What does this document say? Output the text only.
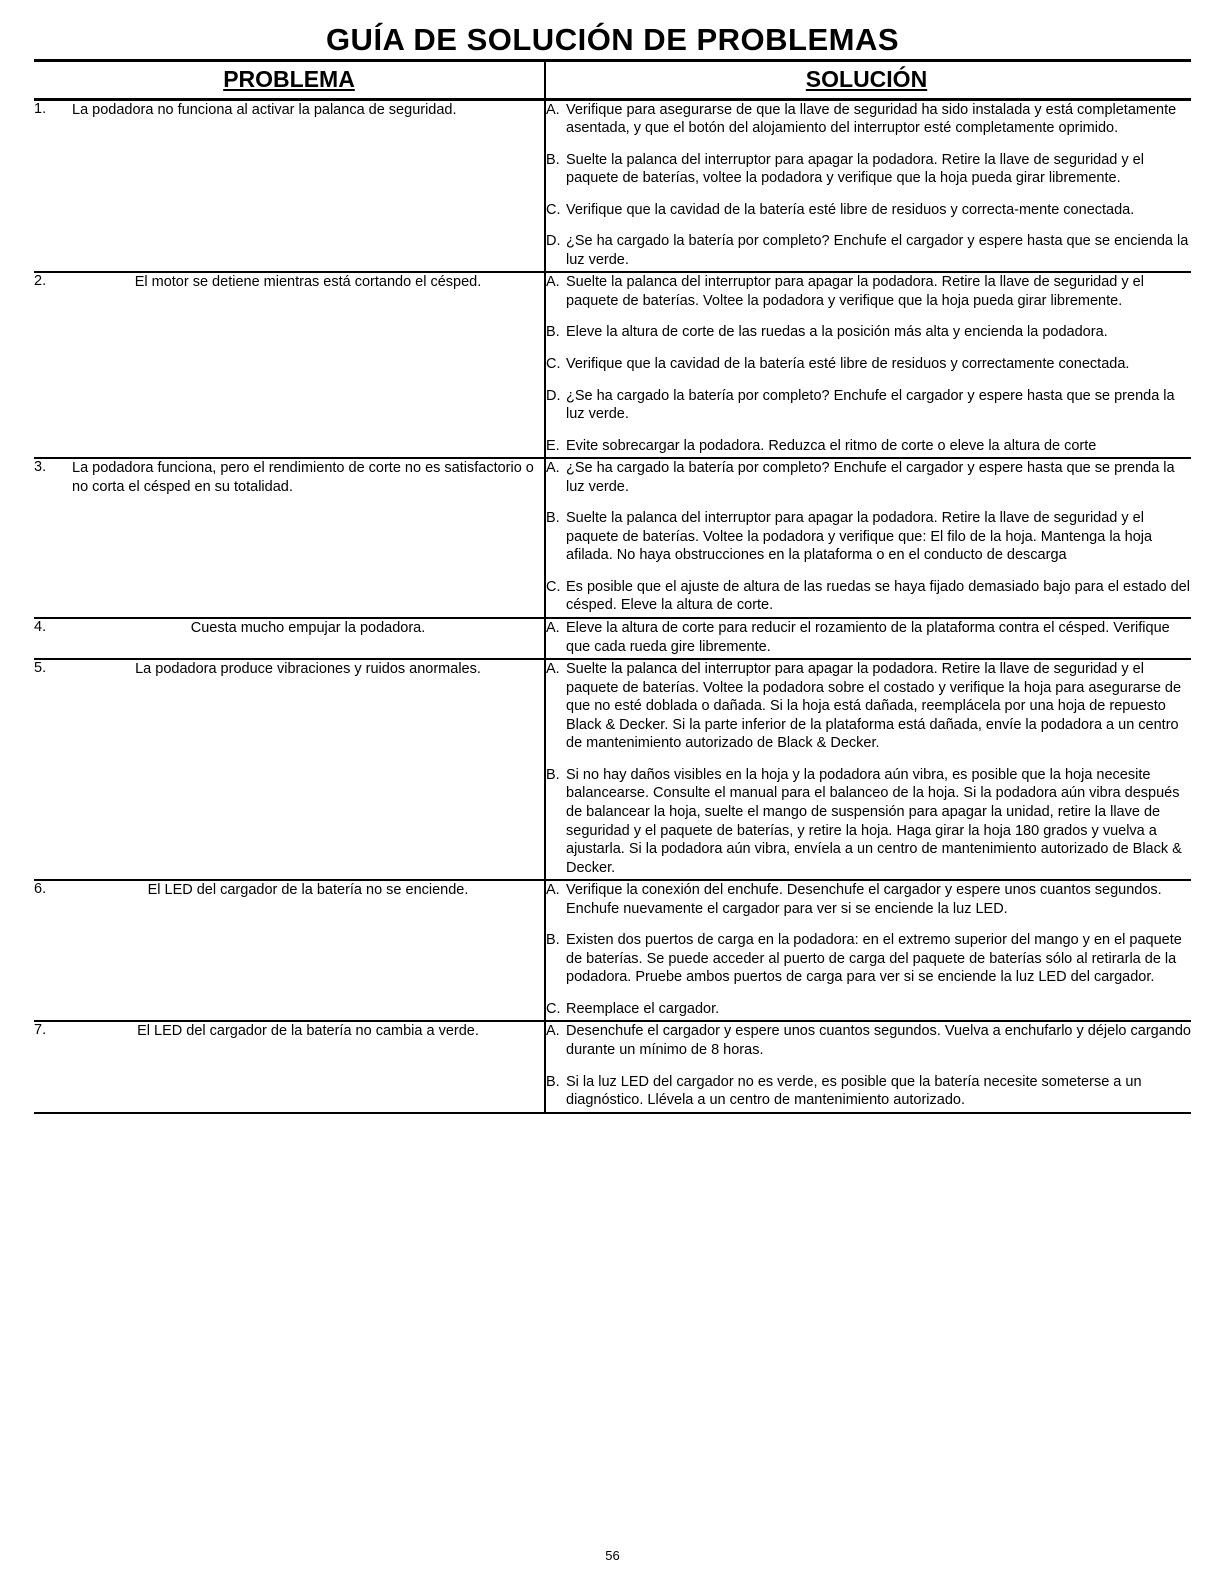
GUÍA DE SOLUCIÓN DE PROBLEMAS
PROBLEMA	SOLUCIÓN
1.	La podadora no funciona al activar la palanca de seguridad.	A. Verifique para asegurarse de que la llave de seguridad ha sido instalada y está completamente asentada, y que el botón del alojamiento del interruptor esté completamente oprimido.
B. Suelte la palanca del interruptor para apagar la podadora. Retire la llave de seguridad y el paquete de baterías, voltee la podadora y verifique que la hoja pueda girar libremente.
C. Verifique que la cavidad de la batería esté libre de residuos y correcta-mente conectada.
D. ¿Se ha cargado la batería por completo? Enchufe el cargador y espere hasta que se encienda la luz verde.

2.	El motor se detiene mientras está cortando el césped.	A. Suelte la palanca del interruptor para apagar la podadora. Retire la llave de seguridad y el paquete de baterías. Voltee la podadora y verifique que la hoja pueda girar libremente.
B. Eleve la altura de corte de las ruedas a la posición más alta y encienda la podadora.
C. Verifique que la cavidad de la batería esté libre de residuos y correctamente conectada.
D. ¿Se ha cargado la batería por completo? Enchufe el cargador y espere hasta que se prenda la luz verde.
E. Evite sobrecargar la podadora. Reduzca el ritmo de corte o eleve la altura de corte

3.	La podadora funciona, pero el rendimiento de corte no es satisfactorio o no corta el césped en su totalidad.	
A. ¿Se ha cargado la batería por completo? Enchufe el cargador y espere hasta que se prenda la luz verde.
B. Suelte la palanca del interruptor para apagar la podadora. Retire la llave de seguridad y el paquete de baterías. Voltee la podadora y verifique que: El filo de la hoja. Mantenga la hoja afilada. No haya obstrucciones en la plataforma o en el conducto de descarga
C. Es posible que el ajuste de altura de las ruedas se haya fijado demasiado bajo para el estado del césped. Eleve la altura de corte.

4.	Cuesta mucho empujar la podadora.	A. Eleve la altura de corte para reducir el rozamiento de la plataforma contra el césped. Verifique que cada rueda gire libremente.

5.	La podadora produce vibraciones y ruidos anormales.	A. Suelte la palanca del interruptor para apagar la podadora. Retire la llave de seguridad y el paquete de baterías. Voltee la podadora sobre el costado y verifique la hoja para asegurarse de que no esté doblada o dañada. Si la hoja está dañada, reemplácela por una hoja de repuesto Black & Decker. Si la parte inferior de la plataforma está dañada, envíe la podadora a un centro de mantenimiento autorizado de Black & Decker.
B. Si no hay daños visibles en la hoja y la podadora aún vibra, es posible que la hoja necesite balancearse. Consulte el manual para el balanceo de la hoja. Si la podadora aún vibra después de balancear la hoja, suelte el mango de suspensión para apagar la unidad, retire la llave de seguridad y el paquete de baterías, y retire la hoja. Haga girar la hoja 180 grados y vuelva a ajustarla. Si la podadora aún vibra, envíela a un centro de mantenimiento autorizado de Black & Decker.

6.	El LED del cargador de la batería no se enciende.	A. Verifique la conexión del enchufe. Desenchufe el cargador y espere unos cuantos segundos. Enchufe nuevamente el cargador para ver si se enciende la luz LED.
B. Existen dos puertos de carga en la podadora: en el extremo superior del mango y en el paquete de baterías. Se puede acceder al puerto de carga del paquete de baterías sólo al retirarla de la podadora. Pruebe ambos puertos de carga para ver si se enciende la luz LED del cargador.
C. Reemplace el cargador.

7.	El LED del cargador de la batería no cambia a verde.	A. Desenchufe el cargador y espere unos cuantos segundos. Vuelva a enchufarlo y déjelo cargando durante un mínimo de 8 horas.
B. Si la luz LED del cargador no es verde, es posible que la batería necesite someterse a un diagnóstico. Llévela a un centro de mantenimiento autorizado.
56
